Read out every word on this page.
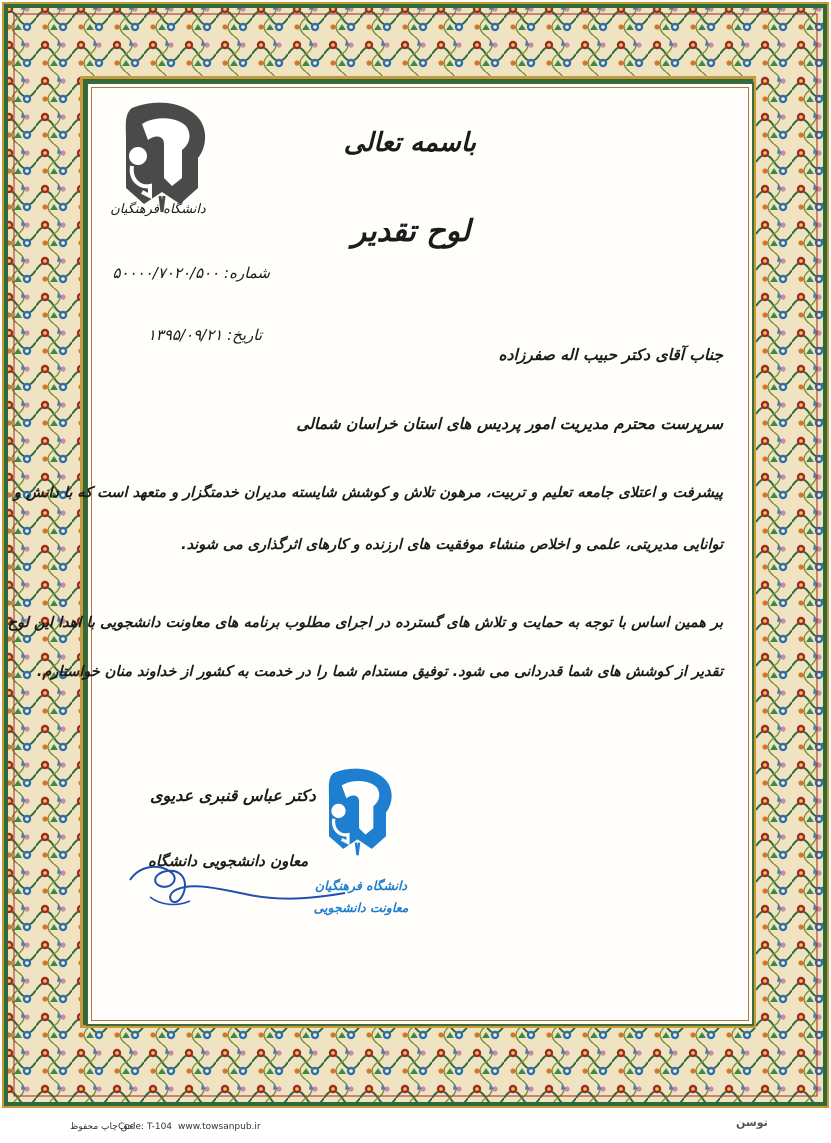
دانشگاه فرهنگیان
باسمه تعالی
لوح تقدیر
شماره: ۵۰۰۰۰/۷۰۲۰/۵۰۰
تاریخ: ۱۳۹۵/۰۹/۲۱
جناب آقای دکتر حبیب اله صفرزاده
سرپرست محترم مدیریت امور پردیس های استان خراسان شمالی
پیشرفت و اعتلای جامعه تعلیم و تربیت، مرهون تلاش و کوشش شایسته مدیران خدمتگزار و متعهد است که با دانش و
توانایی مدیریتی، علمی و اخلاص منشاء موفقیت های ارزنده و کارهای اثرگذاری می شوند.
بر همین اساس با توجه به حمایت و تلاش های گسترده در اجرای مطلوب برنامه های معاونت دانشجویی با اهدا این لوح
تقدیر از کوشش های شما قدردانی می شود. توفیق مستدام شما را در خدمت به کشور از خداوند منان خواستارم.
دکتر عباس قنبری عدیوی
معاون دانشجویی دانشگاه
دانشگاه فرهنگیان
معاونت دانشجویی
حق چاپ محفوظ
Code: T-104 www.towsanpub.ir	توسن
